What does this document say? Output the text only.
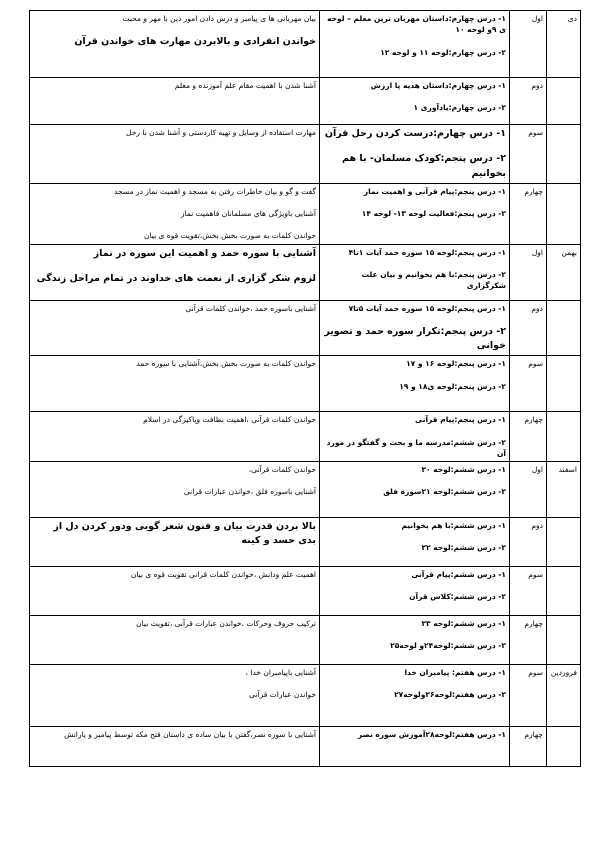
دی	اول	۱- درس چهارم:داستان مهربان ترین معلم – لوحه ی ۹و لوحه ۱۰
۲- درس چهارم:لوحه ۱۱ و لوحه ۱۲	بیان مهربانی ها ی پیامبر و درس دادن امور دین با مهر و محبت
خواندن انفرادی و بالابردن مهارت های خواندن قرآن

	دوم	۱- درس چهارم:داستان هدیه پا ارزش
۲- درس چهارم:یادآوری ۱	آشنا شدن با اهمیت مقام علم آموزنده و معلم

	سوم	۱- درس چهارم:درست کردن رحل قرآن
۲- درس پنجم:کودک مسلمان- با هم بخوانیم	مهارت استفاده از وسایل و تهیه کاردستی و آشنا شدن با رحل

	چهارم	۱- درس پنجم:پیام قرآنی و اهمیت نماز
۲- درس پنجم:فعالیت لوحه ۱۳- لوحه ۱۴	گفت و گو و بیان خاطرات رفتن به مسجد و اهمیت نماز در مسجد
آشنایی باویژگی های مسلمانان فاهمیت نماز
خواندن کلمات به صورت بخش بخش،تقویت قوه ی بیان

بهمن	اول	۱- درس پنجم:لوحه ۱۵ سوره حمد آیات ۱تا۴
۲- درس پنجم:با هم بخوانیم و بیان علت شکرگزاری	آشنایی با سوره حمد و اهمیت این سوره در نماز
لزوم شکر گزاری از نعمت های خداوند در تمام مراحل زندگی

	دوم	۱- درس پنجم:لوحه ۱۵ سوره حمد آیات ۵تا۷
۲- درس پنجم:تکرار سوره حمد و تصویر خوانی	آشنایی باسوره حمد ،خواندن کلمات قرآنی

	سوم	۱- درس پنجم:لوحه ۱۶ و ۱۷
۲- درس پنجم:لوحه ی۱۸ و ۱۹	خواندن کلمات به صورت بخش بخش،آشنایی با سوره حمد

	چهارم	۱- درس پنجم:پیام قرآنی
۲- درس ششم:مدرسه ما و بحث و گفتگو در مورد آن	خواندن کلمات قرآنی ،اهمیت نظافت وپاکیزگی در اسلام

اسفند	اول	۱- درس ششم:لوحه ۲۰
۲- درس ششم:لوحه ۲۱سوره فلق	خواندن کلمات قرآنی،
آشنایی باسوره فلق ،خواندن عبارات قرانی

	دوم	۱- درس ششم:با هم بخوانیم
۲- درس ششم:لوحه ۲۲	بالا بردن قدرت بیان و فنون شعر گویی ودور کردن دل از بدی حسد و کینه

	سوم	۱- درس ششم:پیام قرآنی
۲- درس ششم:کلاس قرآن	اهمیت علم ودانش ،خواندن کلمات قرانی تقویت قوه ی بیان

	چهارم	۱- درس ششم:لوحه ۲۳
۲- درس ششم:لوحه۲۴و لوحه۲۵	ترکیب حروف وحرکات ،خواندن عبارات قرآنی ،تقویت بیان

فروردین	سوم	۱- درس هفتم: پیامبران خدا
۲- درس هفتم:لوحه۲۶ولوحه۲۷	آشنایی باپیامبران خدا ،
خواندن عبارات قرآنی

	چهارم	۱- درس هفتم:لوحه۲۸آموزش سوره نصر	آشنایی با سوره نصر،گفتن با بیان ساده ی داستان فتح مکه توسط پیامبر و یارانش
